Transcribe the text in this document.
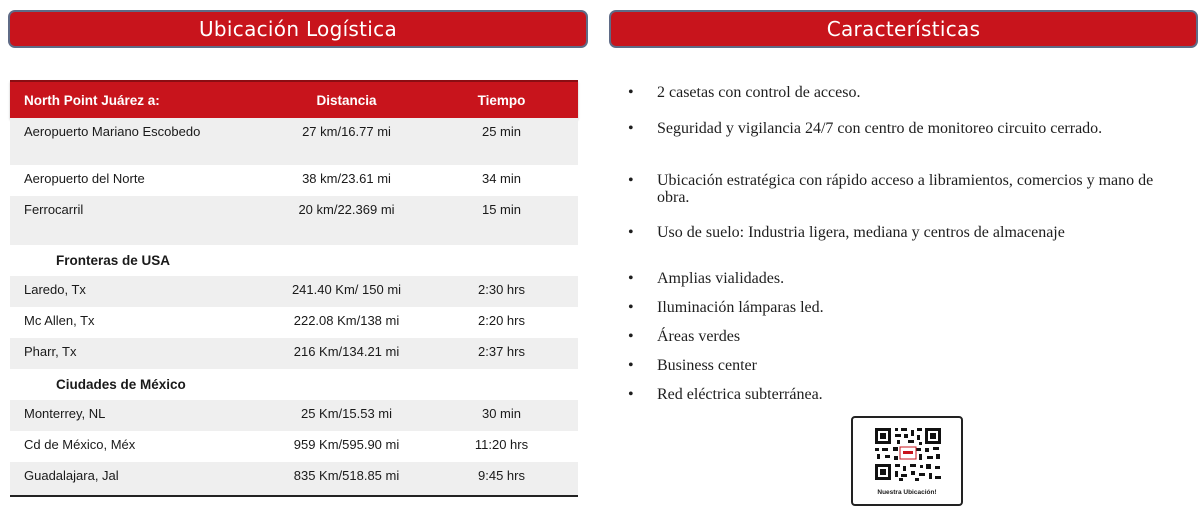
Ubicación Logística	Características
North Point Juárez a:	Distancia	Tiempo
Aeropuerto Mariano Escobedo	27 km/16.77 mi	25 min
Aeropuerto del Norte	38 km/23.61 mi	34 min
Ferrocarril	20 km/22.369 mi	15 min
Fronteras de USA
Laredo, Tx	241.40 Km/ 150 mi	2:30 hrs
Mc Allen, Tx	222.08 Km/138 mi	2:20 hrs
Pharr, Tx	216 Km/134.21 mi	2:37 hrs
Ciudades de México
Monterrey, NL	25 Km/15.53 mi	30 min
Cd de México, Méx	959 Km/595.90 mi	11:20 hrs
Guadalajara, Jal	835 Km/518.85 mi	9:45 hrs
• 2 casetas con control de acceso.
• Seguridad y vigilancia 24/7 con centro de monitoreo circuito cerrado.
• Ubicación estratégica con rápido acceso a libramientos, comercios y mano de obra.
• Uso de suelo: Industria ligera, mediana y centros de almacenaje
• Amplias vialidades.
• Iluminación lámparas led.
• Áreas verdes
• Business center
• Red eléctrica subterránea.
Nuestra Ubicación!
